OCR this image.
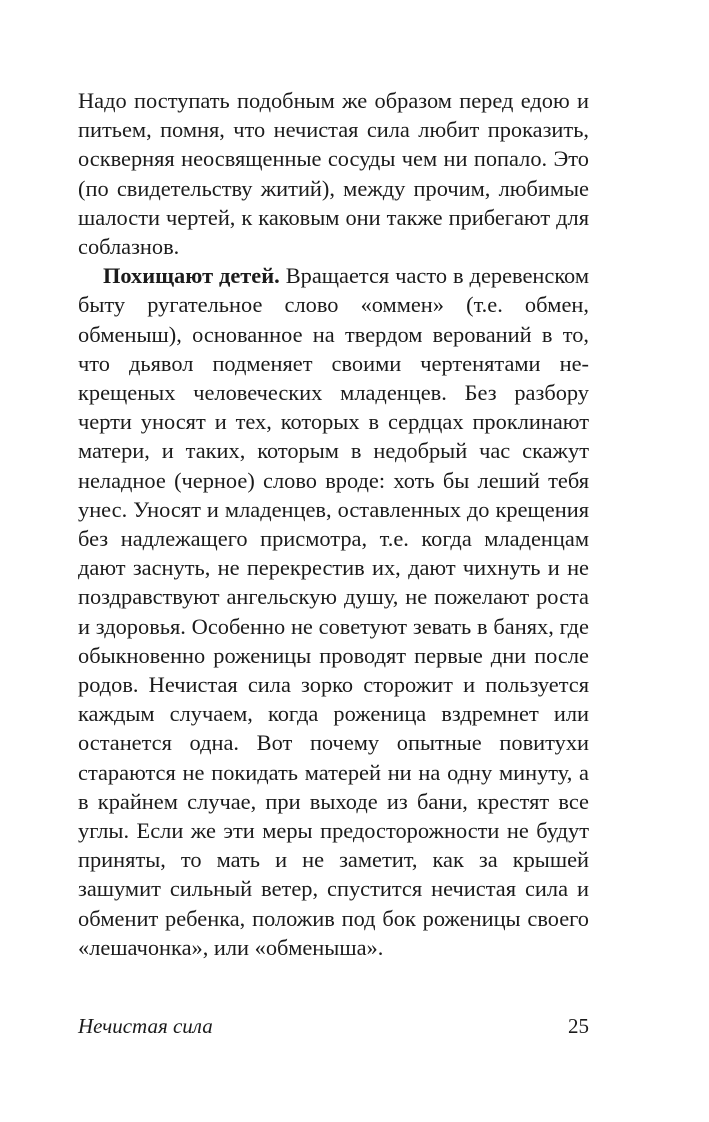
Надо поступать подобным же образом перед едою и питьем, помня, что нечистая сила любит проказить, оскверняя неосвященные сосуды чем ни попало. Это (по свидетельству житий), между прочим, любимые шалости чертей, к каковым они также прибегают для соблазнов.

Похищают детей. Вращается часто в деревенском быту ругательное слово «оммен» (т.е. обмен, обменыш), основанное на твердом верований в то, что дьявол подменяет своими чертенятами некрещеных человеческих младенцев. Без разбору черти уносят и тех, которых в сердцах проклинают матери, и таких, которым в недобрый час скажут неладное (черное) слово вроде: хоть бы леший тебя унес. Уносят и младенцев, оставленных до крещения без надлежащего присмотра, т.е. когда младенцам дают заснуть, не перекрестив их, дают чихнуть и не поздравствуют ангельскую душу, не пожелают роста и здоровья. Особенно не советуют зевать в банях, где обыкновенно роженицы проводят первые дни после родов. Нечистая сила зорко сторожит и пользуется каждым случаем, когда роженица вздремнет или останется одна. Вот почему опытные повитухи стараются не покидать матерей ни на одну минуту, а в крайнем случае, при выходе из бани, крестят все углы. Если же эти меры предосторожности не будут приняты, то мать и не заметит, как за крышей зашумит сильный ветер, спустится нечистая сила и обменит ребенка, положив под бок роженицы своего «лешачонка», или «обменыша».

Нечистая сила	25
